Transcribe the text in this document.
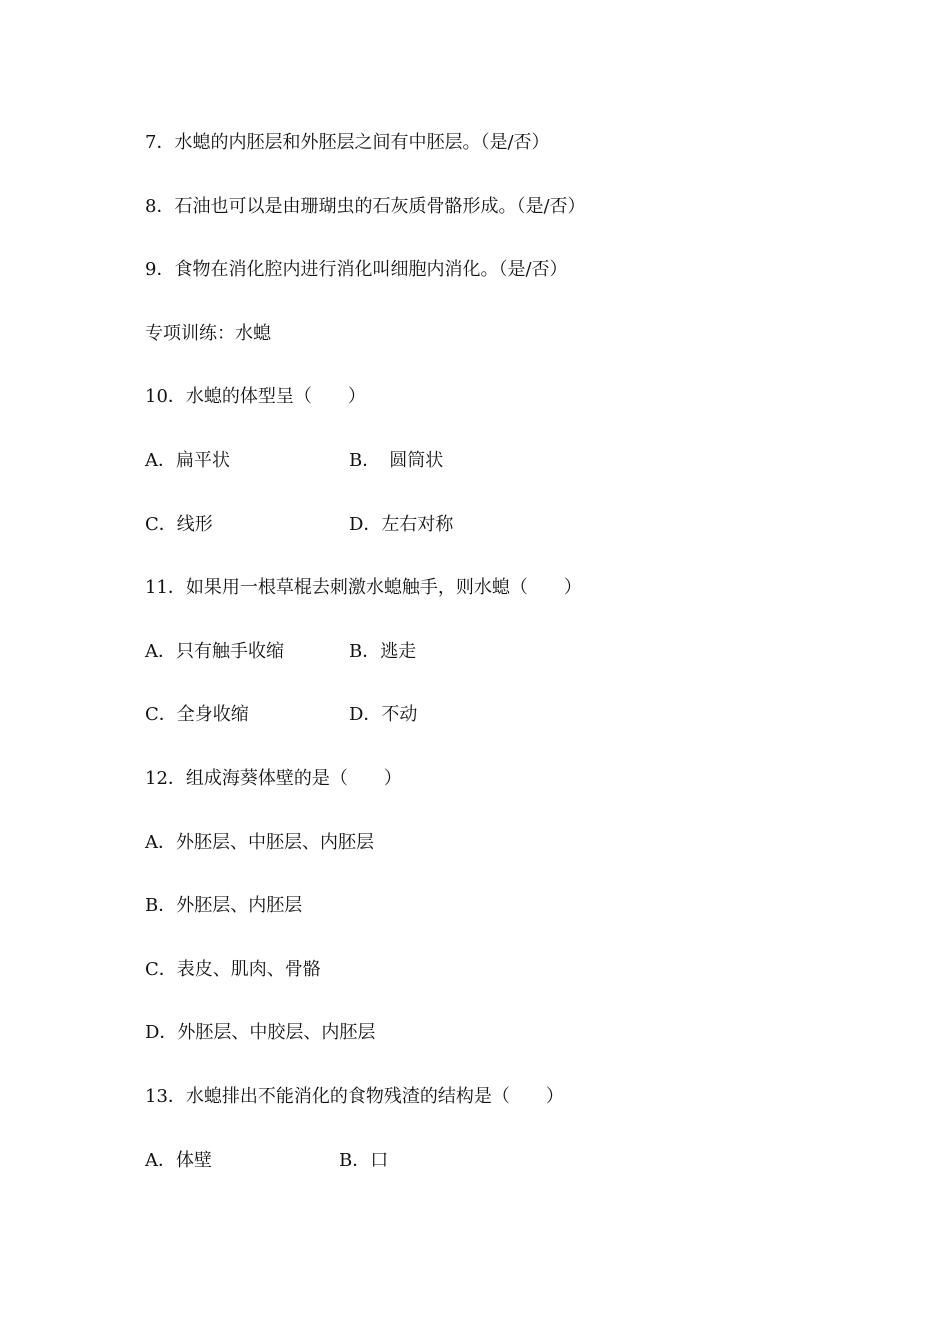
7．水螅的内胚层和外胚层之间有中胚层。（是/否）
8．石油也可以是由珊瑚虫的石灰质骨骼形成。（是/否）
9．食物在消化腔内进行消化叫细胞内消化。（是/否）
专项训练：水螅
10．水螅的体型呈（　　）
A．扁平状	B．　圆筒状
C．线形	D．左右对称
11．如果用一根草棍去刺激水螅触手，则水螅（　　）
A．只有触手收缩	B．逃走
C．全身收缩	D．不动
12．组成海葵体壁的是（　　）
A．外胚层、中胚层、内胚层
B．外胚层、内胚层
C．表皮、肌肉、骨骼
D．外胚层、中胶层、内胚层
13．水螅排出不能消化的食物残渣的结构是（　　）
A．体壁	B．口
